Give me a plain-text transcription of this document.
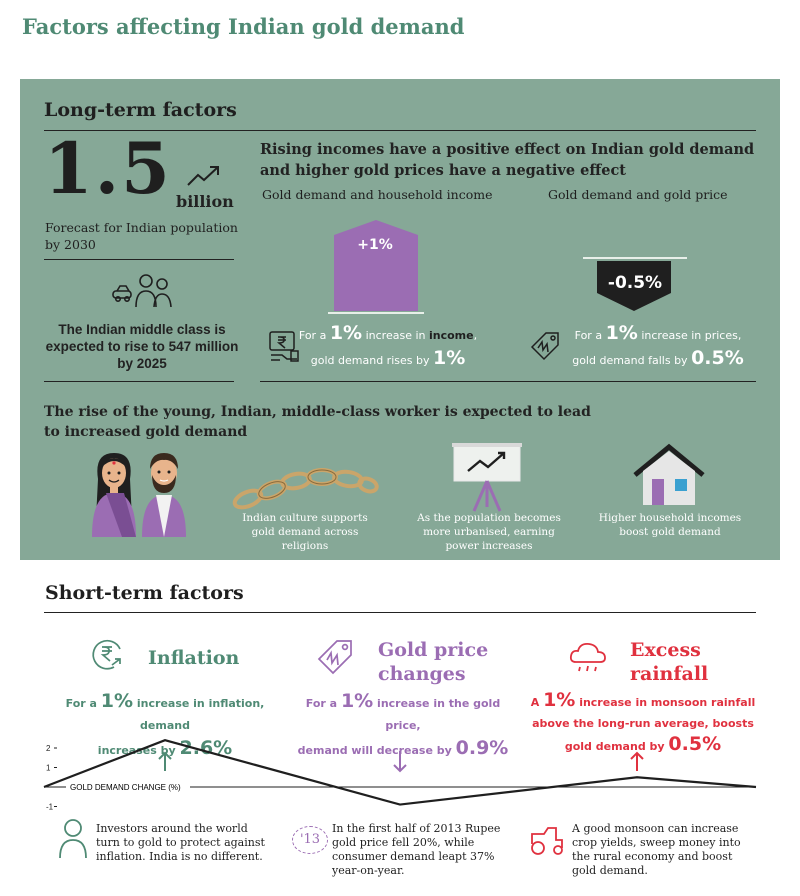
Factors affecting Indian gold demand
Long-term factors
1.5 billion
Forecast for Indian population by 2030
The Indian middle class is expected to rise to 547 million by 2025
Rising incomes have a positive effect on Indian gold demand and higher gold prices have a negative effect
Gold demand and household income
+1%
For a 1% increase in income,
gold demand rises by 1%
Gold demand and gold price
-0.5%
For a 1% increase in prices,
gold demand falls by 0.5%
The rise of the young, Indian, middle-class worker is expected to lead to increased gold demand
Indian culture supports gold demand across religions
As the population becomes more urbanised, earning power increases
Higher household incomes boost gold demand
Short-term factors
Inflation
For a 1% increase in inflation, demand
increases by 2.6%
Gold price
changes
For a 1% increase in the gold price,
demand will decrease by 0.9%
Excess
rainfall
A 1% increase in monsoon rainfall
above the long-run average, boosts
gold demand by 0.5%
2
1
-1
GOLD DEMAND CHANGE (%)
Investors around the world turn to gold to protect against inflation. India is no different.
'13
In the first half of 2013 Rupee gold price fell 20%, while consumer demand leapt 37% year-on-year.
A good monsoon can increase crop yields, sweep money into the rural economy and boost gold demand.
